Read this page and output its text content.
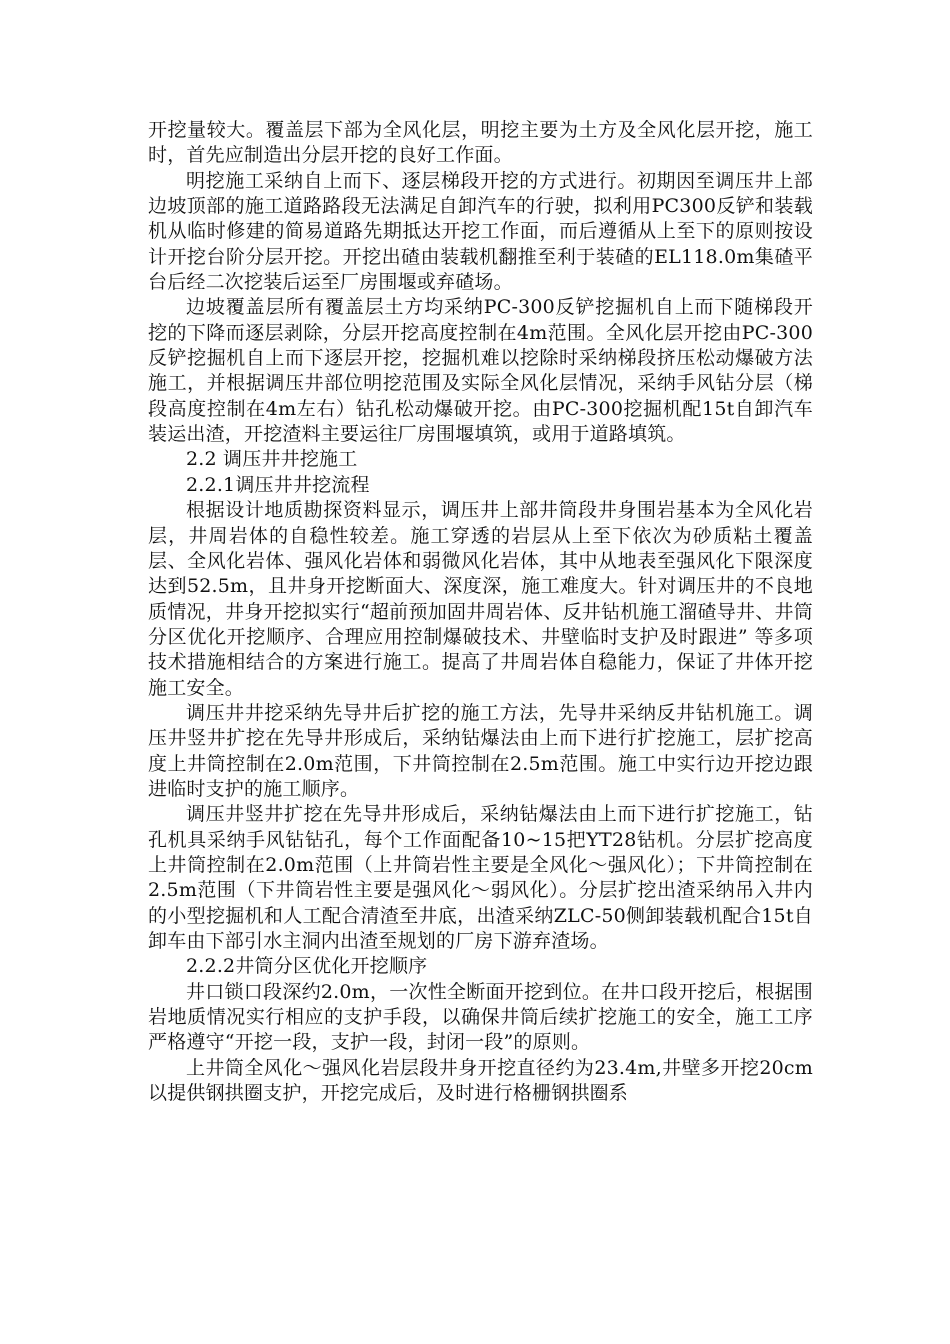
开挖量较大。覆盖层下部为全风化层，明挖主要为土方及全风化层开挖，施工时，首先应制造出分层开挖的良好工作面。

明挖施工采纳自上而下、逐层梯段开挖的方式进行。初期因至调压井上部边坡顶部的施工道路路段无法满足自卸汽车的行驶，拟利用PC300反铲和装载机从临时修建的简易道路先期抵达开挖工作面，而后遵循从上至下的原则按设计开挖台阶分层开挖。开挖出碴由装载机翻推至利于装碴的EL118.0m集碴平台后经二次挖装后运至厂房围堰或弃碴场。

边坡覆盖层所有覆盖层土方均采纳PC-300反铲挖掘机自上而下随梯段开挖的下降而逐层剥除，分层开挖高度控制在4m范围。全风化层开挖由PC-300反铲挖掘机自上而下逐层开挖，挖掘机难以挖除时采纳梯段挤压松动爆破方法施工，并根据调压井部位明挖范围及实际全风化层情况，采纳手风钻分层（梯段高度控制在4m左右）钻孔松动爆破开挖。由PC-300挖掘机配15t自卸汽车装运出渣，开挖渣料主要运往厂房围堰填筑，或用于道路填筑。

2.2 调压井井挖施工

2.2.1调压井井挖流程

根据设计地质勘探资料显示，调压井上部井筒段井身围岩基本为全风化岩层，井周岩体的自稳性较差。施工穿透的岩层从上至下依次为砂质粘土覆盖层、全风化岩体、强风化岩体和弱微风化岩体，其中从地表至强风化下限深度达到52.5m，且井身开挖断面大、深度深，施工难度大。针对调压井的不良地质情况，井身开挖拟实行“超前预加固井周岩体、反井钻机施工溜碴导井、井筒分区优化开挖顺序、合理应用控制爆破技术、井壁临时支护及时跟进” 等多项技术措施相结合的方案进行施工。提高了井周岩体自稳能力，保证了井体开挖施工安全。

调压井井挖采纳先导井后扩挖的施工方法，先导井采纳反井钻机施工。调压井竖井扩挖在先导井形成后，采纳钻爆法由上而下进行扩挖施工，层扩挖高度上井筒控制在2.0m范围，下井筒控制在2.5m范围。施工中实行边开挖边跟进临时支护的施工顺序。

调压井竖井扩挖在先导井形成后，采纳钻爆法由上而下进行扩挖施工，钻孔机具采纳手风钻钻孔，每个工作面配备10~15把YT28钻机。分层扩挖高度上井筒控制在2.0m范围（上井筒岩性主要是全风化～强风化）；下井筒控制在2.5m范围（下井筒岩性主要是强风化～弱风化）。分层扩挖出渣采纳吊入井内的小型挖掘机和人工配合清渣至井底，出渣采纳ZLC-50侧卸装载机配合15t自卸车由下部引水主洞内出渣至规划的厂房下游弃渣场。

2.2.2井筒分区优化开挖顺序

井口锁口段深约2.0m，一次性全断面开挖到位。在井口段开挖后，根据围岩地质情况实行相应的支护手段，以确保井筒后续扩挖施工的安全，施工工序严格遵守“开挖一段，支护一段，封闭一段”的原则。

上井筒全风化～强风化岩层段井身开挖直径约为23.4m,井壁多开挖20cm以提供钢拱圈支护，开挖完成后，及时进行格栅钢拱圈系
